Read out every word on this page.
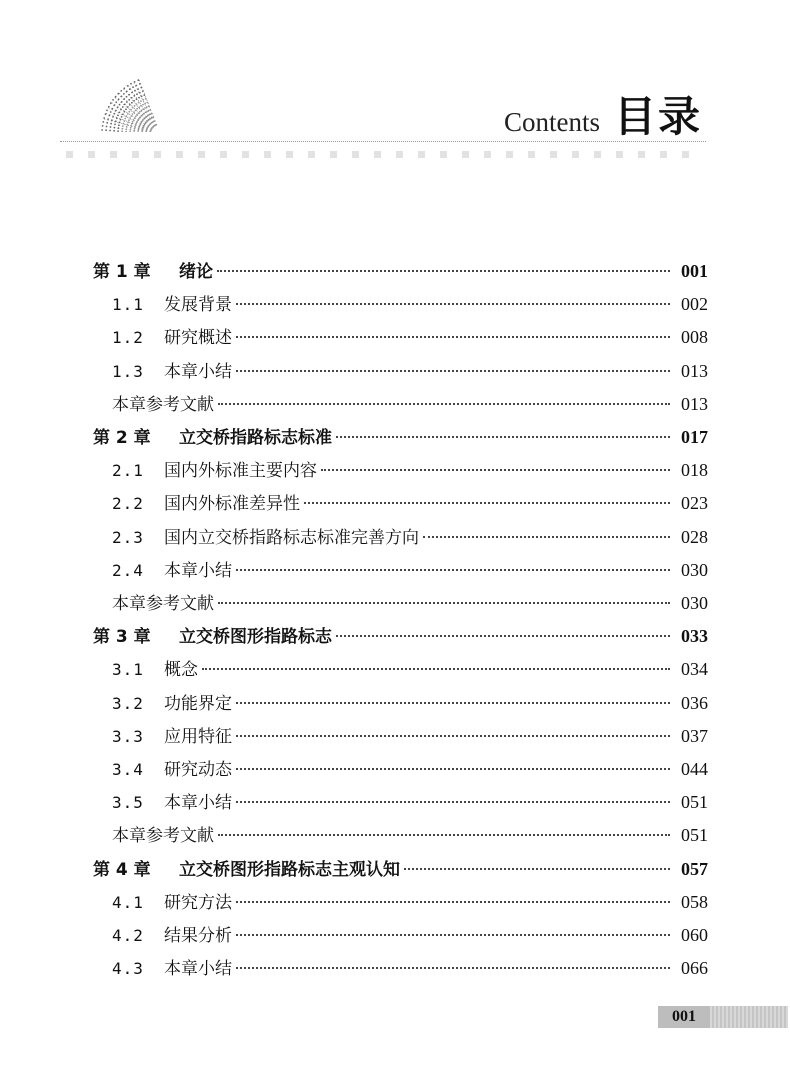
Contents 目录
第 1 章	绪论	001
1.1	发展背景	002
1.2	研究概述	008
1.3	本章小结	013
本章参考文献	013
第 2 章	立交桥指路标志标准	017
2.1	国内外标准主要内容	018
2.2	国内外标准差异性	023
2.3	国内立交桥指路标志标准完善方向	028
2.4	本章小结	030
本章参考文献	030
第 3 章	立交桥图形指路标志	033
3.1	概念	034
3.2	功能界定	036
3.3	应用特征	037
3.4	研究动态	044
3.5	本章小结	051
本章参考文献	051
第 4 章	立交桥图形指路标志主观认知	057
4.1	研究方法	058
4.2	结果分析	060
4.3	本章小结	066
001
